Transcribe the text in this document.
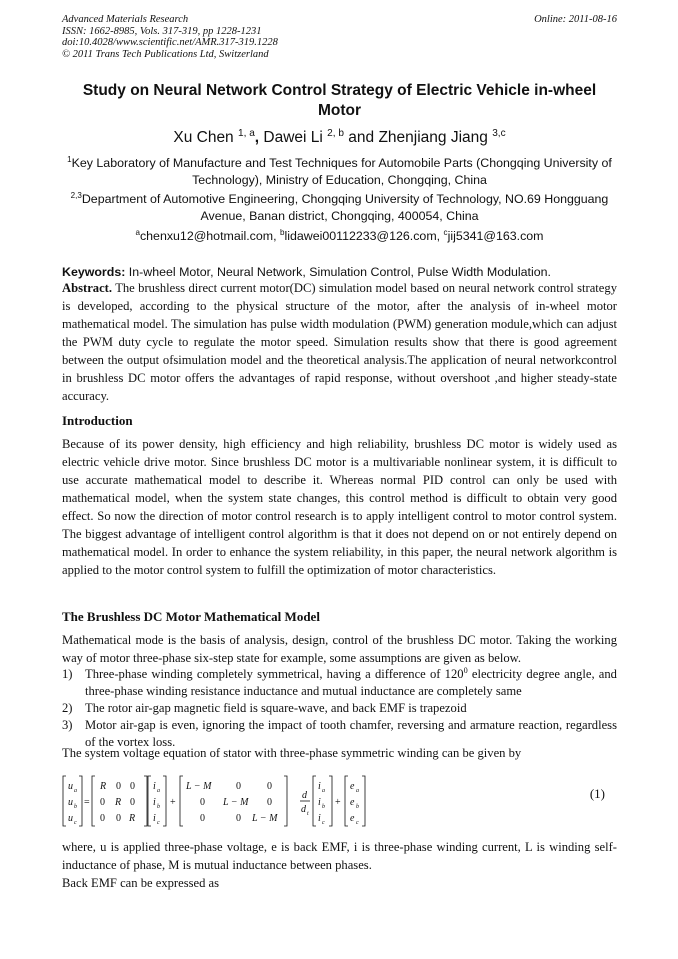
Advanced Materials Research
ISSN: 1662-8985, Vols. 317-319, pp 1228-1231
doi:10.4028/www.scientific.net/AMR.317-319.1228
© 2011 Trans Tech Publications Ltd, Switzerland
Online: 2011-08-16
Study on Neural Network Control Strategy of Electric Vehicle in-wheel Motor
Xu Chen $^{1, a}$, Dawei Li $^{2, b}$ and Zhenjiang Jiang $^{3,c}$
$^1$Key Laboratory of Manufacture and Test Techniques for Automobile Parts (Chongqing University of Technology), Ministry of Education, Chongqing, China
$^{2,3}$Department of Automotive Engineering, Chongqing University of Technology, NO.69 Hongguang Avenue, Banan district, Chongqing, 400054, China
$^a$chenxu12@hotmail.com, $^b$lidawei00112233@126.com, $^c$jij5341@163.com
Keywords: In-wheel Motor, Neural Network, Simulation Control, Pulse Width Modulation.
Abstract. The brushless direct current motor(DC) simulation model based on neural network control strategy is developed, according to the physical structure of the motor, after the analysis of in-wheel motor mathematical model. The simulation has pulse width modulation (PWM) generation module,which can adjust the PWM duty cycle to regulate the motor speed. Simulation results show that there is good agreement between the output ofsimulation model and the theoretical analysis.The application of neural networkcontrol in brushless DC motor offers the advantages of rapid response, without overshoot ,and higher steady-state accuracy.
Introduction
Because of its power density, high efficiency and high reliability, brushless DC motor is widely used as electric vehicle drive motor. Since brushless DC motor is a multivariable nonlinear system, it is difficult to use accurate mathematical model to describe it. Whereas normal PID control can only be used with mathematical model, when the system state changes, this control method is difficult to obtain very good effect. So now the direction of motor control research is to apply intelligent control to motor control system. The biggest advantage of intelligent control algorithm is that it does not depend on or not entirely depend on mathematical model. In order to enhance the system reliability, in this paper, the neural network algorithm is applied to the motor control system to fulfill the optimization of motor characteristics.
The Brushless DC Motor Mathematical Model
Mathematical mode is the basis of analysis, design, control of the brushless DC motor. Taking the working way of motor three-phase six-step state for example, some assumptions are given as below.
1) Three-phase winding completely symmetrical, having a difference of $120^0$ electricity degree angle, and three-phase winding resistance inductance and mutual inductance are completely same
2) The rotor air-gap magnetic field is square-wave, and back EMF is trapezoid
3) Motor air-gap is even, ignoring the impact of tooth chamfer, reversing and armature reaction, regardless of the vortex loss.
The system voltage equation of stator with three-phase symmetric winding can be given by
u a
u b
u c
=
R 0 0
0 R 0
0 0 R
i a
i b
i c
+
L − M 0	0
0 L − M 0
0	0 L − M
d
d t
i a
i b
i c
+
e a
e b
e c
(1)
where, u is applied three-phase voltage, e is back EMF, i is three-phase winding current, L is winding self-inductance of phase, M is mutual inductance between phases.
Back EMF can be expressed as
